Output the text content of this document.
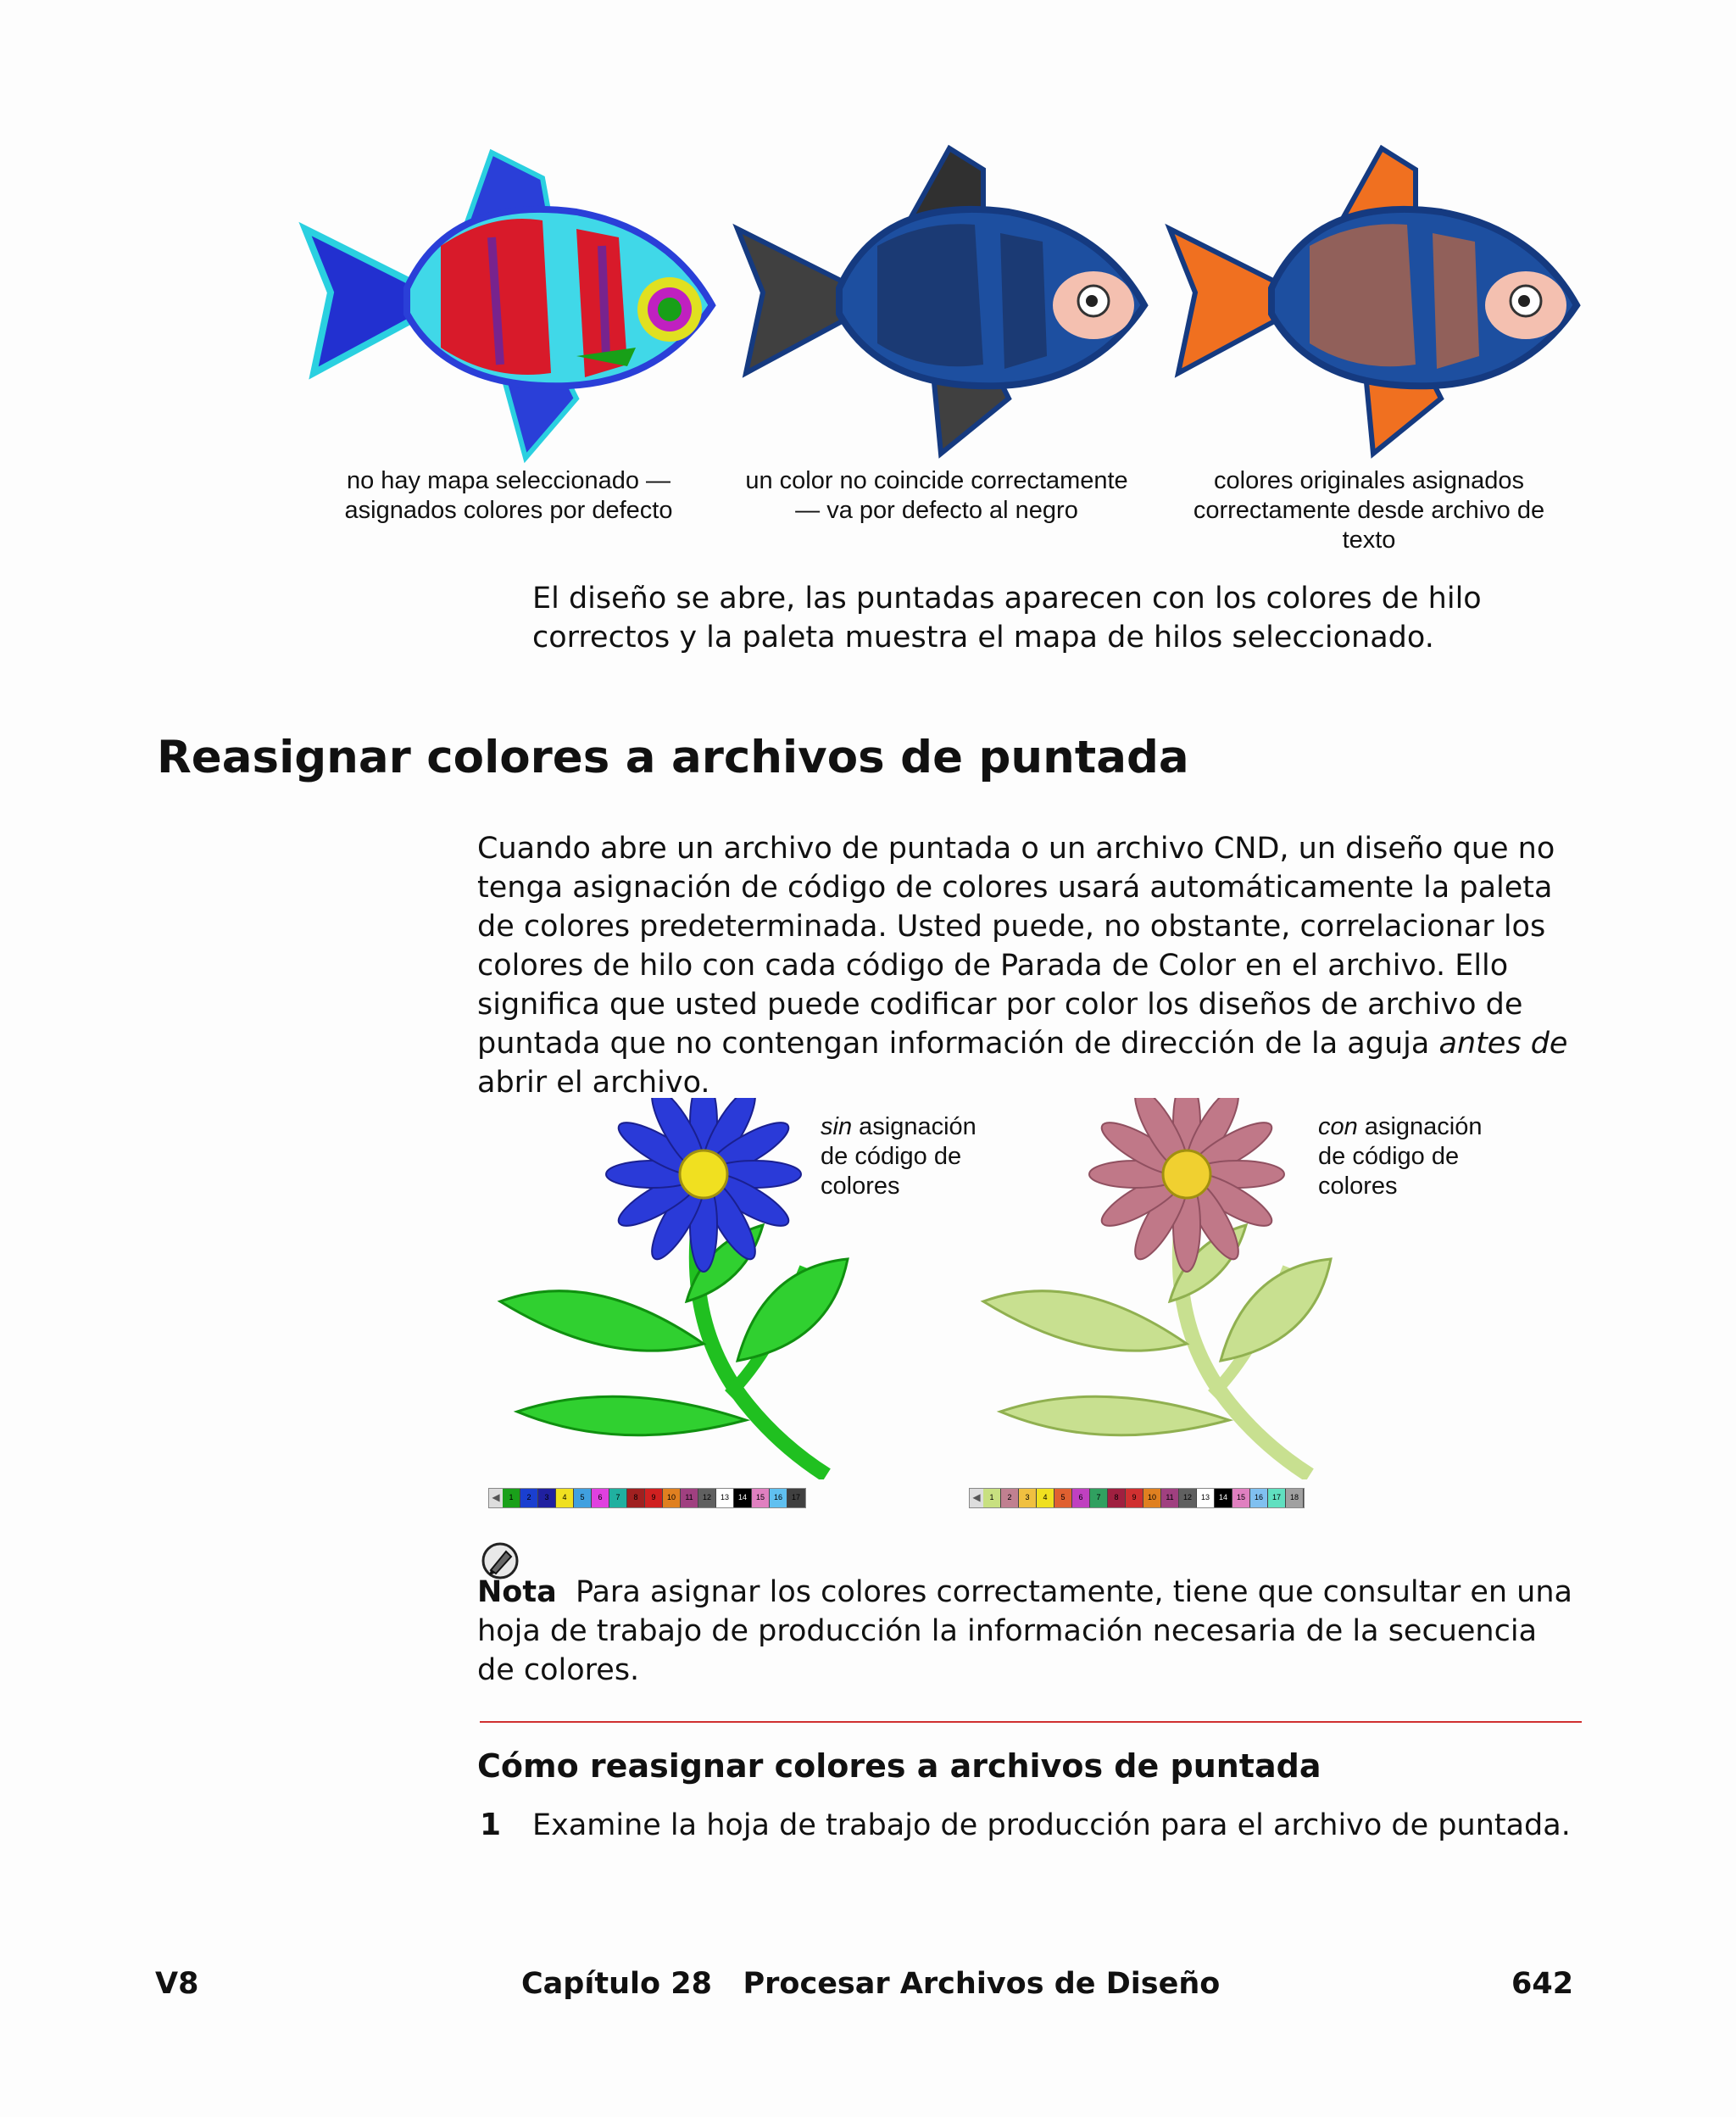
no hay mapa seleccionado —
asignados colores por defecto
un color no coincide correctamente
— va por defecto al negro
colores originales asignados
correctamente desde archivo de
texto
El diseño se abre, las puntadas aparecen con los colores de hilo correctos y la paleta muestra el mapa de hilos seleccionado.
Reasignar colores a archivos de puntada
Cuando abre un archivo de puntada o un archivo CND, un diseño que no tenga asignación de código de colores usará automáticamente la paleta de colores predeterminada. Usted puede, no obstante, correlacionar los colores de hilo con cada código de Parada de Color en el archivo. Ello significa que usted puede codificar por color los diseños de archivo de puntada que no contengan información de dirección de la aguja antes de abrir el archivo.
sin asignación
de código de
colores
con asignación
de código de
colores
◀	1	2	3	4	5	6	7	8	9	10	11	12	13	14	15	16	17	◀	1	2	3	4	5	6	7	8	9	10	11	12	13	14	15	16	17	18
Nota Para asignar los colores correctamente, tiene que consultar en una hoja de trabajo de producción la información necesaria de la secuencia de colores.
Cómo reasignar colores a archivos de puntada
1 Examine la hoja de trabajo de producción para el archivo de puntada.
V8	Capítulo 28   Procesar Archivos de Diseño	642
